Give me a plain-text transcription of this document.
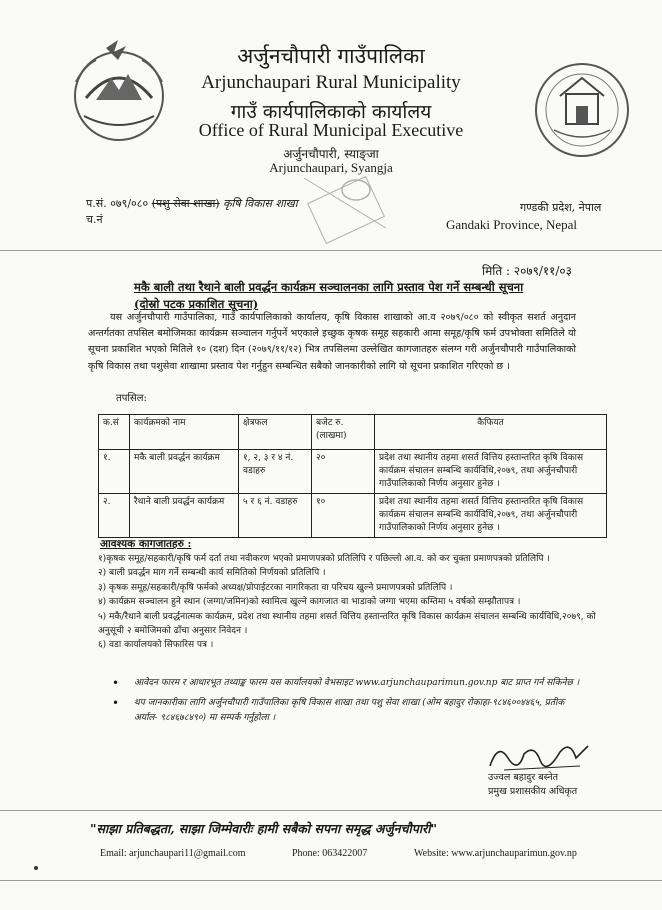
अर्जुनचौपारी गाउँपालिका
Arjunchaupari Rural Municipality
गाउँ कार्यपालिकाको कार्यालय
Office of Rural Municipal Executive
अर्जुनचौपारी, स्याङ्जा
Arjunchaupari, Syangja
प.सं. ०७९/०८० (पशु सेवा शाखा) कृषि विकास शाखा
च.नं
गण्डकी प्रदेश, नेपाल
Gandaki Province, Nepal
मिति : २०७९/११/०३
मकै बाली तथा रैथाने बाली प्रवर्द्धन कार्यक्रम सञ्चालनका लागि प्रस्ताव पेश गर्ने सम्बन्धी सूचना
(दोस्रो पटक प्रकाशित सूचना)
यस अर्जुनचौपारी गाउँपालिका, गाउँ कार्यपालिकाको कार्यालय, कृषि विकास शाखाको आ.व २०७९/०८० को स्वीकृत सशर्त अनुदान अन्तर्गतका तपसिल बमोजिमका कार्यक्रम सञ्चालन गर्नुपर्ने भएकाले इच्छुक कृषक समूह सहकारी आमा समूह/कृषि फर्म उपभोक्ता समितिले यो सूचना प्रकाशित भएको मितिले १० (दश) दिन (२०७९/११/१२) भित्र तपसिलमा उल्लेखित कागजातहरु संलग्न गरी अर्जुनचौपारी गाउँपालिकाको कृषि विकास तथा पशुसेवा शाखामा प्रस्ताव पेश गर्नुहुन सम्बन्धित सबैको जानकारीको लागि यो सूचना प्रकाशित गरिएको छ ।
तपसिल:
क.सं	कार्यक्रमको नाम	क्षेत्रफल	बजेट रु.(लाखमा)	कैफियत
१.	मकै बाली प्रवर्द्धन कार्यक्रम	१, २, ३ र ४ नं. वडाहरु	२०	प्रदेश तथा स्थानीय तहमा शसर्त वित्तिय हस्तान्तरित कृषि विकास कार्यक्रम संचालन सम्बन्धि कार्यविधि,२०७९, तथा अर्जुनचौपारी गाउँपालिकाको निर्णय अनुसार हुनेछ ।
२.	रैथाने बाली प्रवर्द्धन कार्यक्रम	५ र ६ नं. वडाहरु	१०	प्रदेश तथा स्थानीय तहमा शसर्त वित्तिय हस्तान्तरित कृषि विकास कार्यक्रम संचालन सम्बन्धि कार्यविधि,२०७९, तथा अर्जुनचौपारी गाउँपालिकाको निर्णय अनुसार हुनेछ ।
आवश्यक कागजातहरु :
१)कृषक समूह/सहकारी/कृषि फर्म दर्ता तथा नवीकरण भएको प्रमाणपत्रको प्रतिलिपि र पछिल्लो आ.व. को कर चुक्ता प्रमाणपत्रको प्रतिलिपि ।
२) बाली प्रवर्द्धन माग गर्ने सम्बन्धी कार्य समितिको निर्णयको प्रतिलिपि ।
३) कृषक समूह/सहकारी/कृषि फर्मको अध्यक्ष/प्रोपाईटरका नागरिकता वा परिचय खुल्ने प्रमाणपत्रको प्रतिलिपि ।
४) कार्यक्रम सञ्चालन हुने स्थान (जग्गा/जमिन)को स्वामित्व खुल्ने कागजात वा भाडाको जग्गा भएमा कम्तिमा ५ वर्षको सम्झौतापत्र ।
५) मकै/रैथाने बाली प्रवर्द्धनात्मक कार्यक्रम, प्रदेश तथा स्थानीय तहमा शसर्त वित्तिय हस्तान्तरित कृषि विकास कार्यक्रम संचालन सम्बन्धि कार्यविधि,२०७९, को अनुसूची २ बमोजिमको ढाँचा अनुसार निवेदन ।
६) वडा कार्यालयको सिफारिस पत्र ।
• आवेदन फारम र आधारभूत तथ्याङ्क फारम यस कार्यालयको वेभसाइट www.arjunchauparimun.gov.np बाट प्राप्त गर्न सकिनेछ ।
• थप जानकारीका लागि अर्जुनचौपारी गाउँपालिका कृषि विकास शाखा तथा पशु सेवा शाखा (ओम बहादुर रोकाहा-९८४६००४४६५, प्रतीक अर्याल- ९८४६७८४९०) मा सम्पर्क गर्नुहोला ।
उज्वल बहादुर बस्नेत
प्रमुख प्रशासकीय अधिकृत
"साझा प्रतिबद्धता, साझा जिम्मेवारीः हामी सबैको सपना समृद्ध अर्जुनचौपारी"
Email: arjunchaupari11@gmail.com	Phone: 063422007	Website: www.arjunchauparimun.gov.np
